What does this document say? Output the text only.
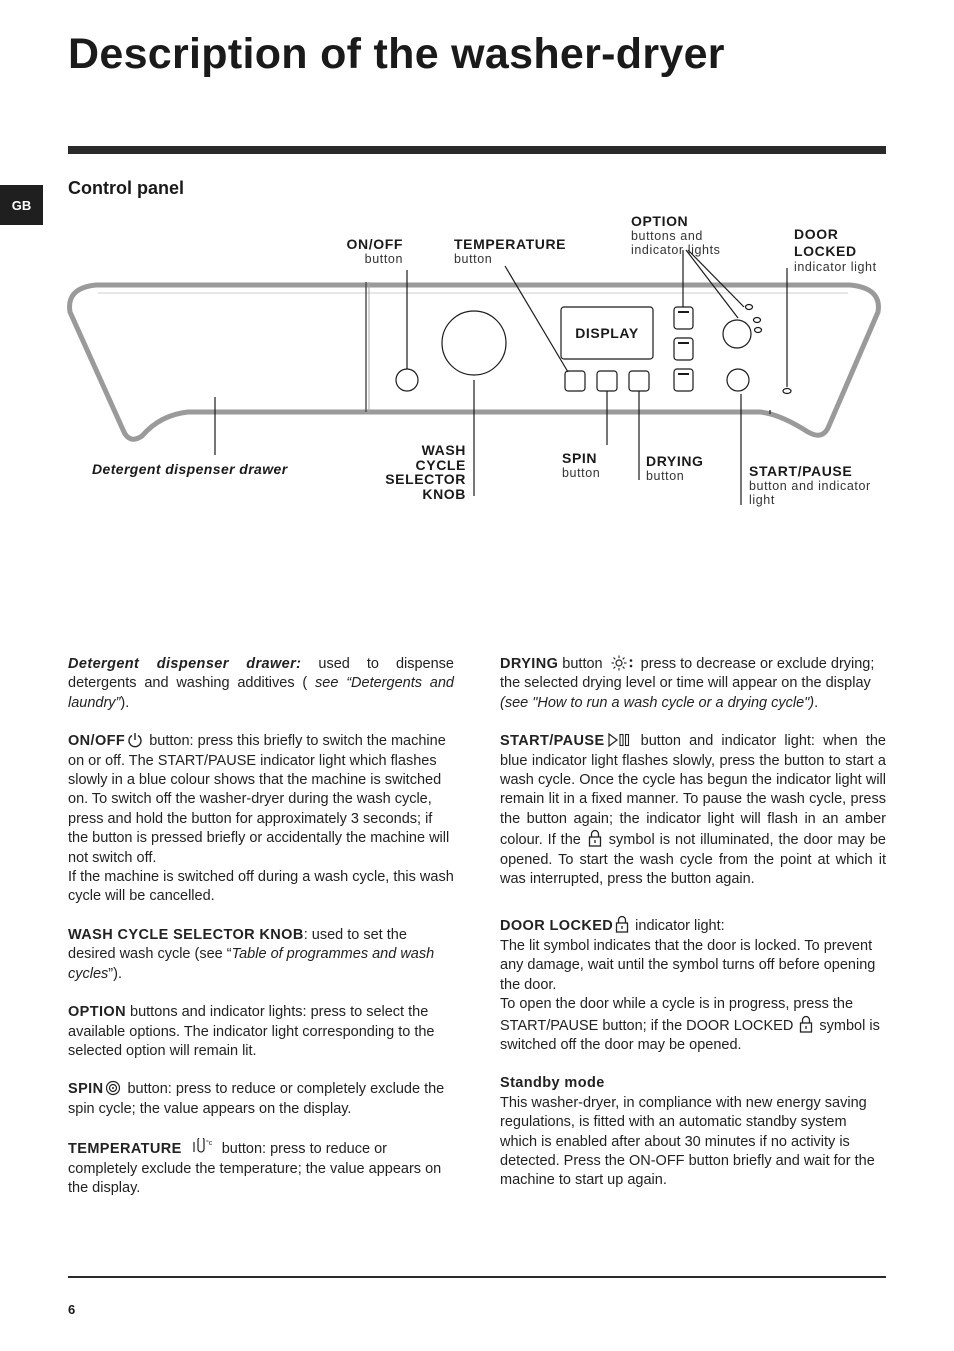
Description of the washer-dryer
GB
Control panel
ON/OFF
button
TEMPERATURE
button
OPTION
buttons and
indicator lights
DOOR
LOCKED
indicator light
DISPLAY
Detergent dispenser drawer
WASH
CYCLE
SELECTOR
KNOB
SPIN
button
DRYING
button	START/PAUSE
button and indicator
light

Detergent dispenser drawer: used to dispense detergents and washing additives ( see “Detergents and laundry”).

ON/OFF button: press this briefly to switch the machine on or off. The START/PAUSE indicator light which flashes slowly in a blue colour shows that the machine is switched on. To switch off the washer-dryer during the wash cycle, press and hold the button for approximately 3 seconds; if the button is pressed briefly or accidentally the machine will not switch off.
If the machine is switched off during a wash cycle, this wash cycle will be cancelled.

WASH CYCLE SELECTOR KNOB: used to set the desired wash cycle (see “Table of programmes and wash cycles”).

OPTION buttons and indicator lights: press to select the available options. The indicator light corresponding to the selected option will remain lit.

SPIN button: press to reduce or completely exclude the spin cycle; the value appears on the display.

TEMPERATURE	°c button: press to reduce or completely exclude the temperature; the value appears on the display.

DRYING button  press to decrease or exclude drying; the selected drying level or time will appear on the display (see "How to run a wash cycle or a drying cycle").

START/PAUSE button and indicator light: when the blue indicator light flashes slowly, press the button to start a wash cycle. Once the cycle has begun the indicator light will remain lit in a fixed manner. To pause the wash cycle, press the button again; the indicator light will flash in an amber colour. If the  symbol is not illuminated, the door may be opened. To start the wash cycle from the point at which it was interrupted, press the button again.

DOOR LOCKED indicator light:
The lit symbol indicates that the door is locked. To prevent any damage, wait until the symbol turns off before opening the door.
To open the door while a cycle is in progress, press the START/PAUSE button; if the DOOR LOCKED  symbol is switched off the door may be opened.

Standby mode
This washer-dryer, in compliance with new energy saving regulations, is fitted with an automatic standby system which is enabled after about 30 minutes if no activity is detected. Press the ON-OFF button briefly and wait for the machine to start up again.

6
